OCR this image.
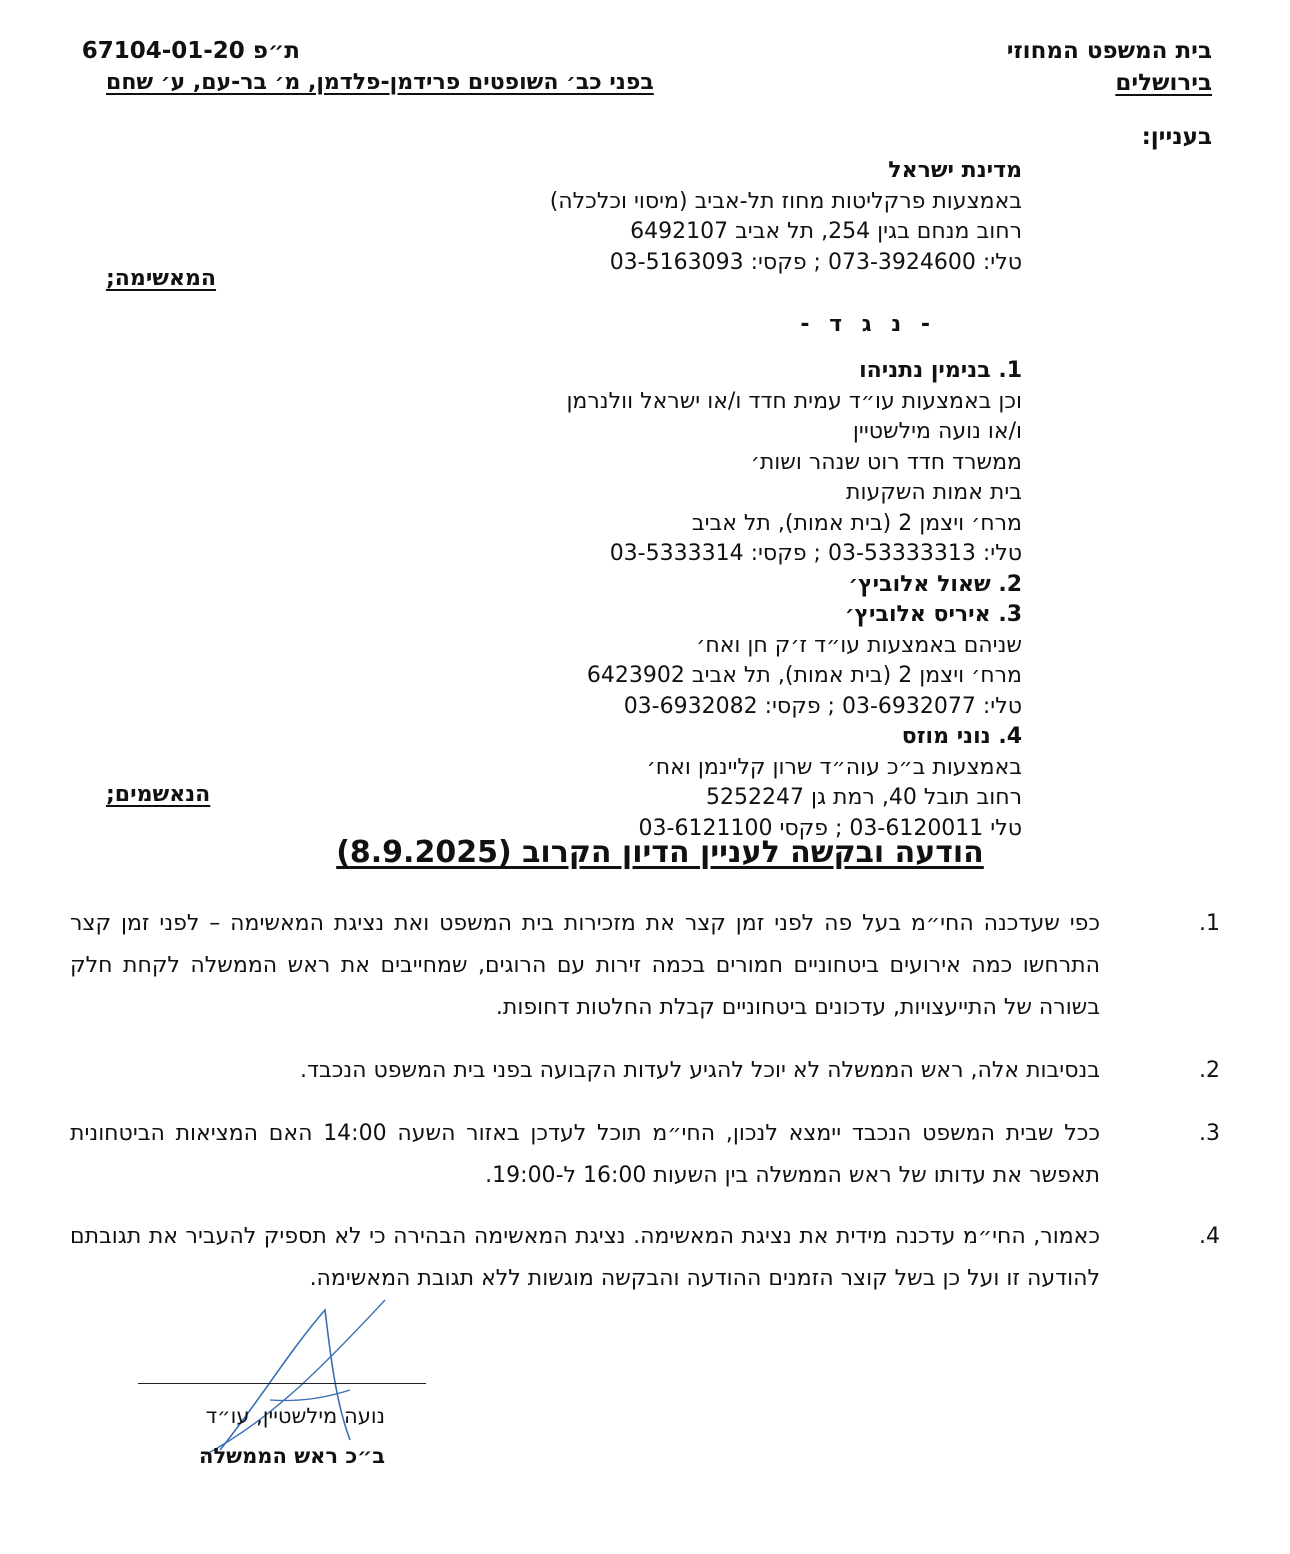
בית המשפט המחוזי
בירושלים
ת״פ 67104-01-20
בפני כב׳ השופטים פרידמן-פלדמן, מ׳ בר-עם, ע׳ שחם
בעניין:
מדינת ישראל
באמצעות פרקליטות מחוז תל-אביב (מיסוי וכלכלה)
רחוב מנחם בגין 254, תל אביב 6492107
טלי: 073-3924600 ; פקסי: 03-5163093
המאשימה;
- נ ג ד -
1. בנימין נתניהו
וכן באמצעות עו״ד עמית חדד ו/או ישראל וולנרמן
ו/או נועה מילשטיין
ממשרד חדד רוט שנהר ושות׳
בית אמות השקעות
מרח׳ ויצמן 2 (בית אמות), תל אביב
טלי: 03-53333313 ; פקסי: 03-5333314
2. שאול אלוביץ׳
3. איריס אלוביץ׳
שניהם באמצעות עו״ד ז׳ק חן ואח׳
מרח׳ ויצמן 2 (בית אמות), תל אביב 6423902
טלי: 03-6932077 ; פקסי: 03-6932082
4. נוני מוזס
באמצעות ב״כ עוה״ד שרון קליינמן ואח׳
רחוב תובל 40, רמת גן 5252247
טלי 03-6120011 ; פקסי 03-6121100
הנאשמים;
הודעה ובקשה לעניין הדיון הקרוב (8.9.2025)
1.
כפי שעדכנה החי״מ בעל פה לפני זמן קצר את מזכירות בית המשפט ואת נציגת המאשימה – לפני זמן קצר התרחשו כמה אירועים ביטחוניים חמורים בכמה זירות עם הרוגים, שמחייבים את ראש הממשלה לקחת חלק בשורה של התייעצויות, עדכונים ביטחוניים קבלת החלטות דחופות.
2.
בנסיבות אלה, ראש הממשלה לא יוכל להגיע לעדות הקבועה בפני בית המשפט הנכבד.
3.
ככל שבית המשפט הנכבד יימצא לנכון, החי״מ תוכל לעדכן באזור השעה 14:00 האם המציאות הביטחונית תאפשר את עדותו של ראש הממשלה בין השעות 16:00 ל-19:00.
4.
כאמור, החי״מ עדכנה מידית את נציגת המאשימה. נציגת המאשימה הבהירה כי לא תספיק להעביר את תגובתם להודעה זו ועל כן בשל קוצר הזמנים ההודעה והבקשה מוגשות ללא תגובת המאשימה.
נועה מילשטיין, עו״ד
ב״כ ראש הממשלה
